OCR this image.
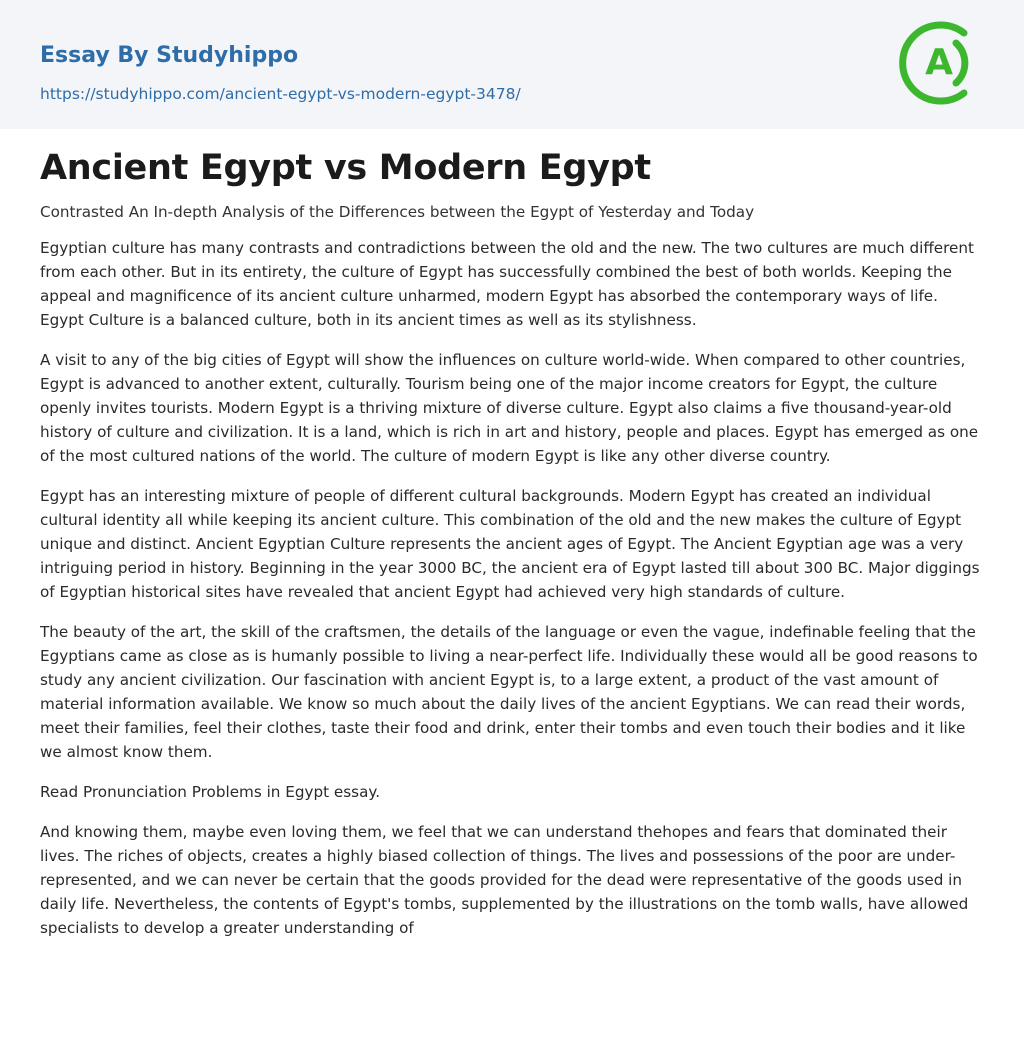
Essay By Studyhippo
https://studyhippo.com/ancient-egypt-vs-modern-egypt-3478/
A
Ancient Egypt vs Modern Egypt

Contrasted An In-depth Analysis of the Differences between the Egypt of Yesterday and Today

Egyptian culture has many contrasts and contradictions between the old and the new. The two cultures are much different from each other. But in its entirety, the culture of Egypt has successfully combined the best of both worlds. Keeping the appeal and magnificence of its ancient culture unharmed, modern Egypt has absorbed the contemporary ways of life. Egypt Culture is a balanced culture, both in its ancient times as well as its stylishness.

A visit to any of the big cities of Egypt will show the influences on culture world-wide. When compared to other countries, Egypt is advanced to another extent, culturally. Tourism being one of the major income creators for Egypt, the culture openly invites tourists. Modern Egypt is a thriving mixture of diverse culture. Egypt also claims a five thousand-year-old history of culture and civilization. It is a land, which is rich in art and history, people and places. Egypt has emerged as one of the most cultured nations of the world. The culture of modern Egypt is like any other diverse country.

Egypt has an interesting mixture of people of different cultural backgrounds. Modern Egypt has created an individual cultural identity all while keeping its ancient culture. This combination of the old and the new makes the culture of Egypt unique and distinct. Ancient Egyptian Culture represents the ancient ages of Egypt. The Ancient Egyptian age was a very intriguing period in history. Beginning in the year 3000 BC, the ancient era of Egypt lasted till about 300 BC. Major diggings of Egyptian historical sites have revealed that ancient Egypt had achieved very high standards of culture.

The beauty of the art, the skill of the craftsmen, the details of the language or even the vague, indefinable feeling that the Egyptians came as close as is humanly possible to living a near-perfect life. Individually these would all be good reasons to study any ancient civilization. Our fascination with ancient Egypt is, to a large extent, a product of the vast amount of material information available. We know so much about the daily lives of the ancient Egyptians. We can read their words, meet their families, feel their clothes, taste their food and drink, enter their tombs and even touch their bodies and it like we almost know them.

Read Pronunciation Problems in Egypt essay.

And knowing them, maybe even loving them, we feel that we can understand thehopes and fears that dominated their lives. The riches of objects, creates a highly biased collection of things. The lives and possessions of the poor are under-represented, and we can never be certain that the goods provided for the dead were representative of the goods used in daily life. Nevertheless, the contents of Egypt's tombs, supplemented by the illustrations on the tomb walls, have allowed specialists to develop a greater understanding of
